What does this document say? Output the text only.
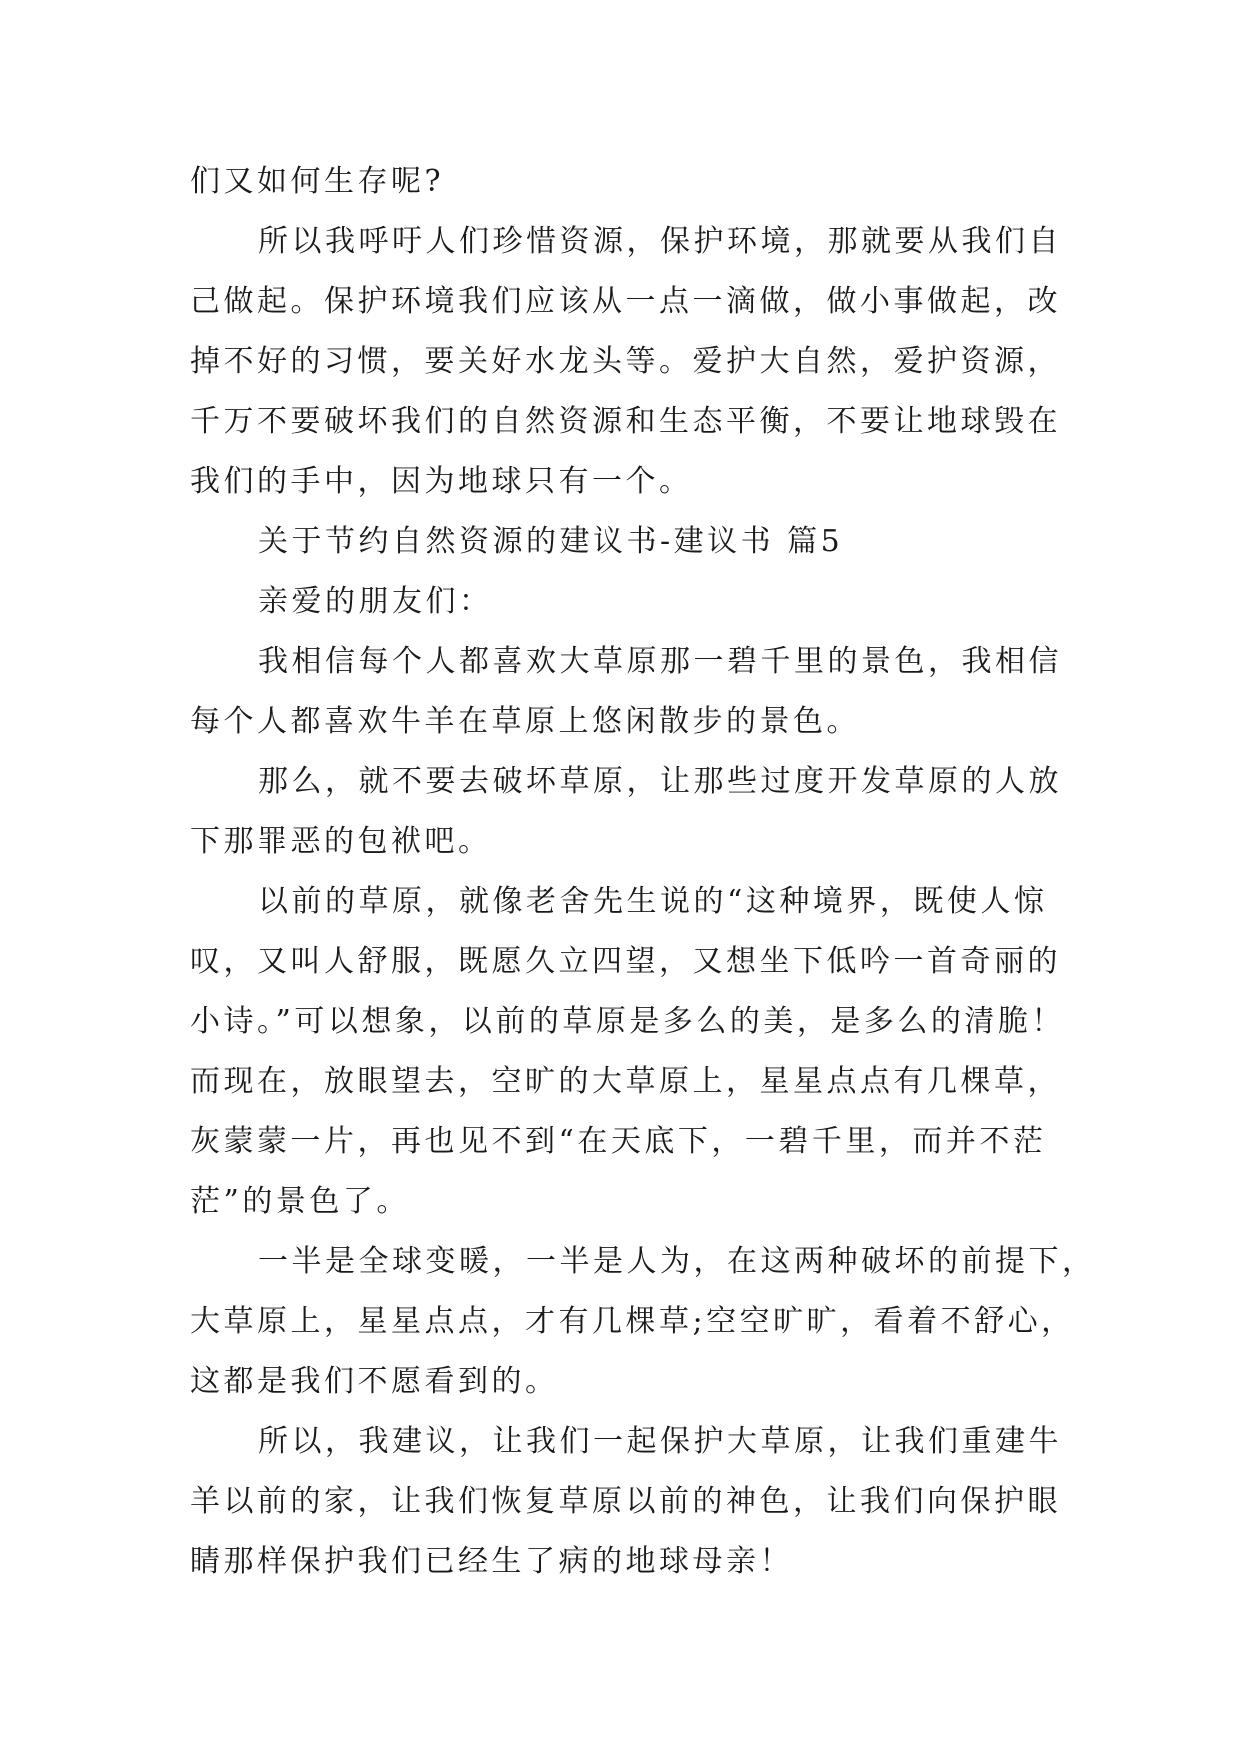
们又如何生存呢?
所以我呼吁人们珍惜资源，保护环境，那就要从我们自
己做起。保护环境我们应该从一点一滴做，做小事做起，改
掉不好的习惯，要关好水龙头等。爱护大自然，爱护资源，
千万不要破坏我们的自然资源和生态平衡，不要让地球毁在
我们的手中，因为地球只有一个。
关于节约自然资源的建议书-建议书 篇5
亲爱的朋友们：
我相信每个人都喜欢大草原那一碧千里的景色，我相信
每个人都喜欢牛羊在草原上悠闲散步的景色。
那么，就不要去破坏草原，让那些过度开发草原的人放
下那罪恶的包袱吧。
以前的草原，就像老舍先生说的“这种境界，既使人惊
叹，又叫人舒服，既愿久立四望，又想坐下低吟一首奇丽的
小诗。”可以想象，以前的草原是多么的美，是多么的清脆！
而现在，放眼望去，空旷的大草原上，星星点点有几棵草，
灰蒙蒙一片，再也见不到“在天底下，一碧千里，而并不茫
茫”的景色了。
一半是全球变暖，一半是人为，在这两种破坏的前提下，
大草原上，星星点点，才有几棵草;空空旷旷，看着不舒心，
这都是我们不愿看到的。
所以，我建议，让我们一起保护大草原，让我们重建牛
羊以前的家，让我们恢复草原以前的神色，让我们向保护眼
睛那样保护我们已经生了病的地球母亲！
